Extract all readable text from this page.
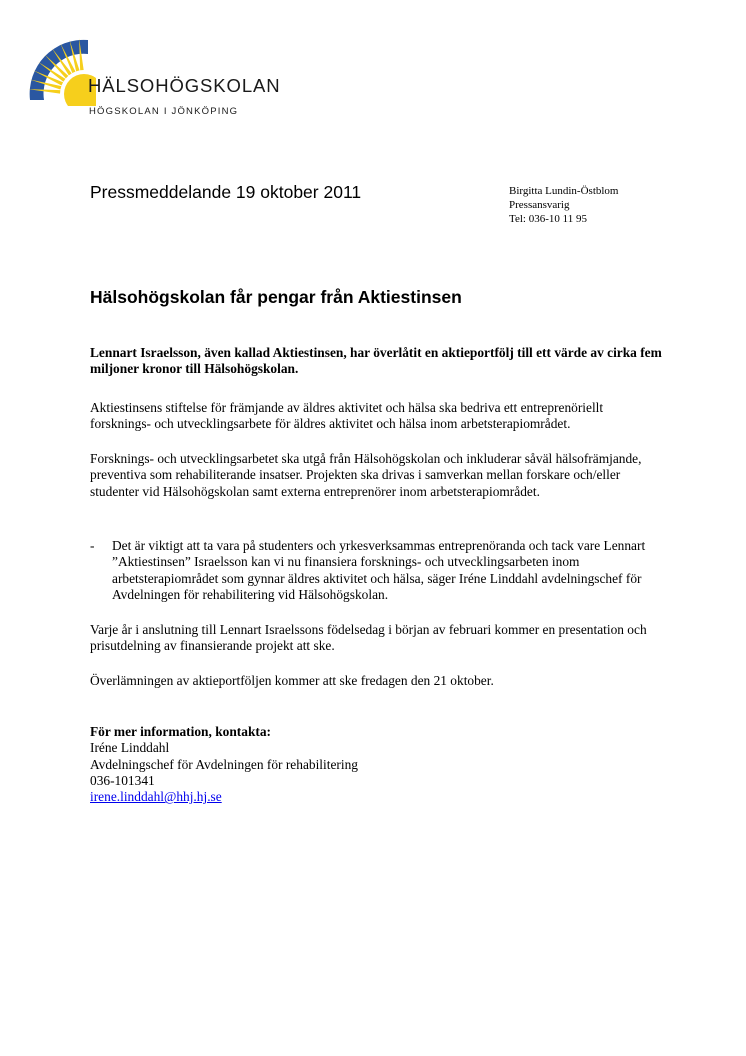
HÄLSOHÖGSKOLAN
HÖGSKOLAN I JÖNKÖPING
Pressmeddelande 19 oktober 2011	Birgitta Lundin-Östblom
Pressansvarig
Tel: 036-10 11 95
Hälsohögskolan får pengar från Aktiestinsen
Lennart Israelsson, även kallad Aktiestinsen, har överlåtit en aktieportfölj till ett värde av cirka fem miljoner kronor till Hälsohögskolan.
Aktiestinsens stiftelse för främjande av äldres aktivitet och hälsa ska bedriva ett entreprenöriellt forsknings- och utvecklingsarbete för äldres aktivitet och hälsa inom arbetsterapiområdet.
Forsknings- och utvecklingsarbetet ska utgå från Hälsohögskolan och inkluderar såväl hälsofrämjande, preventiva som rehabiliterande insatser. Projekten ska drivas i samverkan mellan forskare och/eller studenter vid Hälsohögskolan samt externa entreprenörer inom arbetsterapiområdet.
- Det är viktigt att ta vara på studenters och yrkesverksammas entreprenöranda och tack vare Lennart ”Aktiestinsen” Israelsson kan vi nu finansiera forsknings- och utvecklingsarbeten inom arbetsterapiområdet som gynnar äldres aktivitet och hälsa, säger Iréne Linddahl avdelningschef för Avdelningen för rehabilitering vid Hälsohögskolan.
Varje år i anslutning till Lennart Israelssons födelsedag i början av februari kommer en presentation och prisutdelning av finansierande projekt att ske.
Överlämningen av aktieportföljen kommer att ske fredagen den 21 oktober.
För mer information, kontakta:
Iréne Linddahl
Avdelningschef för Avdelningen för rehabilitering
036-101341
irene.linddahl@hhj.hj.se
